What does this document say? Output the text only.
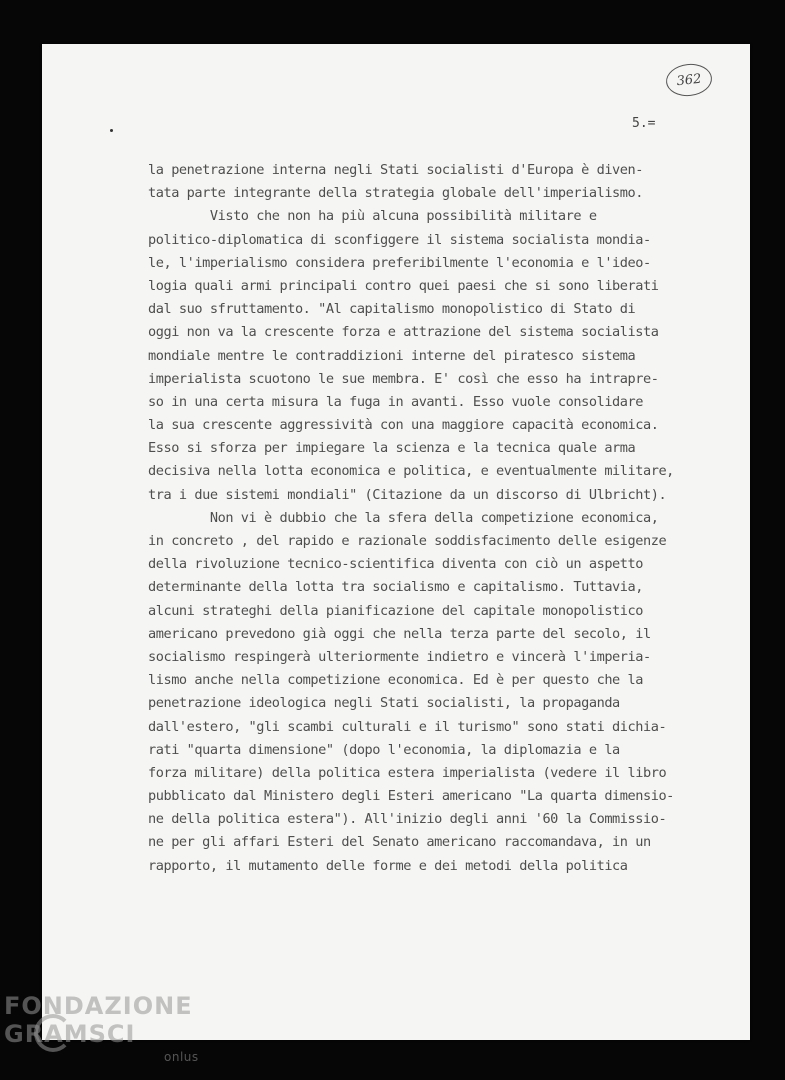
362
5.=
la penetrazione interna negli Stati socialisti d'Europa è diven-
tata parte integrante della strategia globale dell'imperialismo.
Visto che non ha più alcuna possibilità militare e
politico-diplomatica di sconfiggere il sistema socialista mondia-
le, l'imperialismo considera preferibilmente l'economia e l'ideo-
logia quali armi principali contro quei paesi che si sono liberati
dal suo sfruttamento. "Al capitalismo monopolistico di Stato di
oggi non va la crescente forza e attrazione del sistema socialista
mondiale mentre le contraddizioni interne del piratesco sistema
imperialista scuotono le sue membra. E' così che esso ha intrapre-
so in una certa misura la fuga in avanti. Esso vuole consolidare
la sua crescente aggressività con una maggiore capacità economica.
Esso si sforza per impiegare la scienza e la tecnica quale arma
decisiva nella lotta economica e politica, e eventualmente militare,
tra i due sistemi mondiali" (Citazione da un discorso di Ulbricht).
Non vi è dubbio che la sfera della competizione economica,
in concreto , del rapido e razionale soddisfacimento delle esigenze
della rivoluzione tecnico-scientifica diventa con ciò un aspetto
determinante della lotta tra socialismo e capitalismo. Tuttavia,
alcuni strateghi della pianificazione del capitale monopolistico
americano prevedono già oggi che nella terza parte del secolo, il
socialismo respingerà ulteriormente indietro e vincerà l'imperia-
lismo anche nella competizione economica. Ed è per questo che la
penetrazione ideologica negli Stati socialisti, la propaganda
dall'estero, "gli scambi culturali e il turismo" sono stati dichia-
rati "quarta dimensione" (dopo l'economia, la diplomazia e la
forza militare) della politica estera imperialista (vedere il libro
pubblicato dal Ministero degli Esteri americano "La quarta dimensio-
ne della politica estera"). All'inizio degli anni '60 la Commissio-
ne per gli affari Esteri del Senato americano raccomandava, in un
rapporto, il mutamento delle forme e dei metodi della politica
FONDAZIONE GRAMSCI
onlus
